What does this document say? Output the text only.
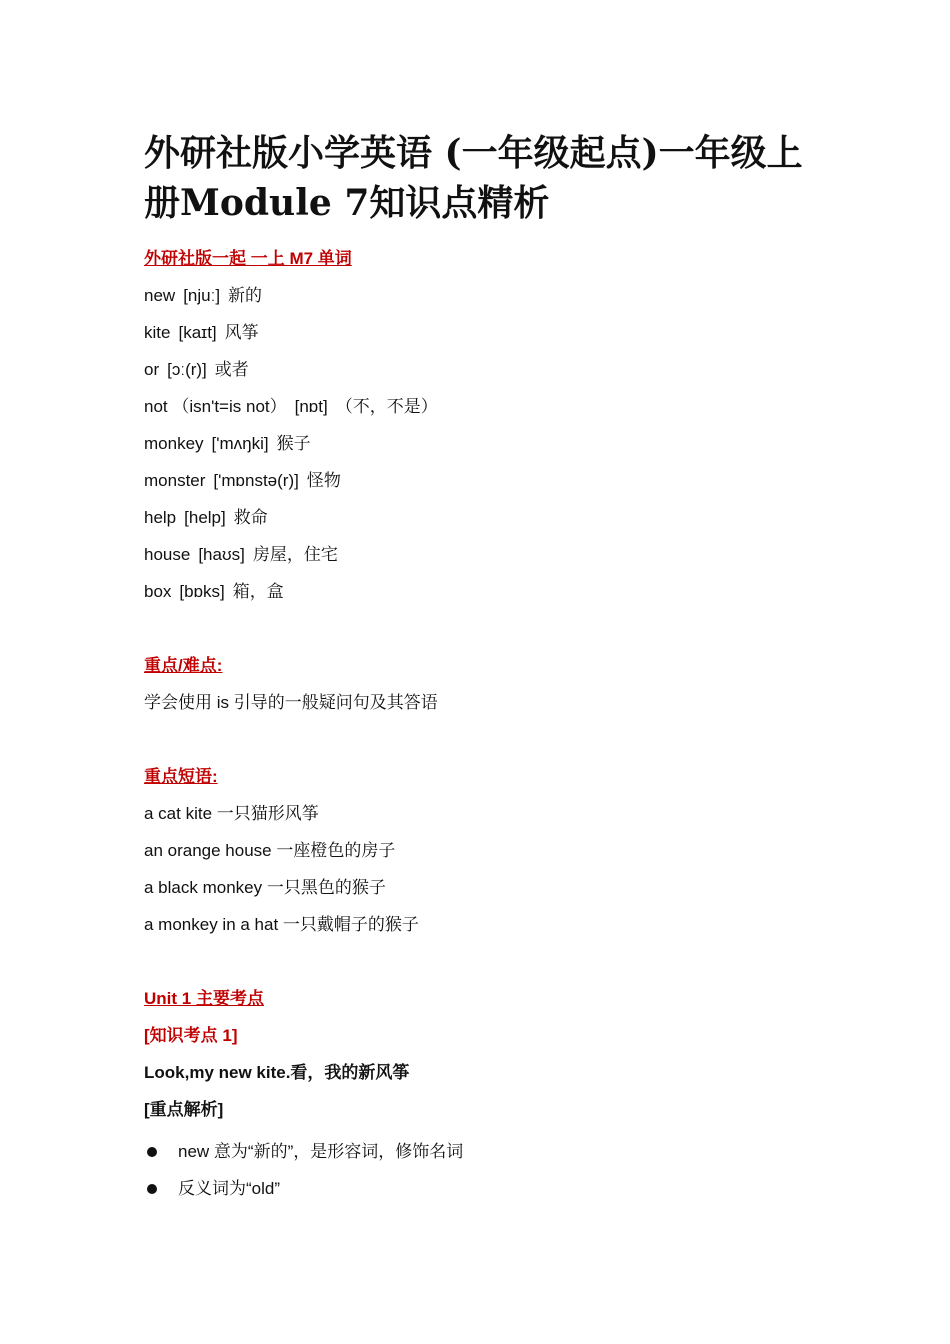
外研社版小学英语 (一年级起点)一年级上册Module 7知识点精析
外研社版一起 一上 M7 单词
new [njuː] 新的
kite [kaɪt] 风筝
or [ɔː(r)] 或者
not （isn't=is not） [nɒt] （不，不是）
monkey ['mʌŋki] 猴子
monster ['mɒnstə(r)] 怪物
help [help] 救命
house [haʊs] 房屋，住宅
box [bɒks] 箱，盒
重点/难点:
学会使用 is 引导的一般疑问句及其答语
重点短语:
a cat kite 一只猫形风筝
an orange house 一座橙色的房子
a black monkey 一只黑色的猴子
a monkey in a hat 一只戴帽子的猴子
Unit 1 主要考点
[知识考点 1]
Look,my new kite.看，我的新风筝
[重点解析]
new 意为“新的”，是形容词，修饰名词
反义词为“old”
